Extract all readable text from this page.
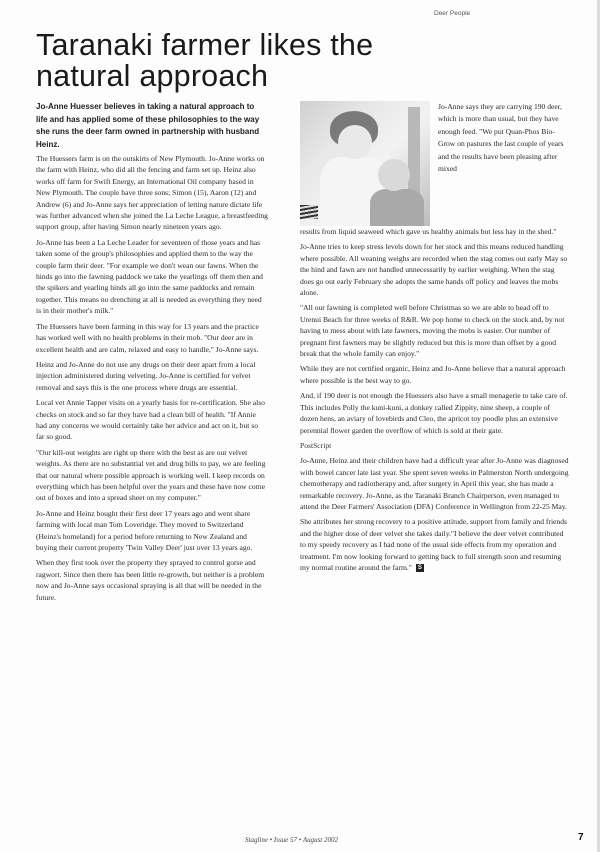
Deer People
Taranaki farmer likes the natural approach

Jo-Anne Huesser believes in taking a natural approach to life and has applied some of these philosophies to the way she runs the deer farm owned in partnership with husband Heinz.

The Huessers farm is on the outskirts of New Plymouth. Jo-Anne works on the farm with Heinz, who did all the fencing and farm set up. Heinz also works off farm for Swift Energy, an International Oil company based in New Plymouth. The couple have three sons; Simon (15), Aaron (12) and Andrew (6) and Jo-Anne says her appreciation of letting nature dictate life was further advanced when she joined the La Leche League, a breastfeeding support group, after having Simon nearly nineteen years ago.

Jo-Anne has been a La Leche Leader for seventeen of those years and has taken some of the group's philosophies and applied them to the way the couple farm their deer. "For example we don't wean our fawns. When the hinds go into the fawning paddock we take the yearlings off them then and the spikers and yearling hinds all go into the same paddocks and remain together. This means no drenching at all is needed as everything they need is in their mother's milk."

The Huessers have been farming in this way for 13 years and the practice has worked well with no health problems in their mob. "Our deer are in excellent health and are calm, relaxed and easy to handle," Jo-Anne says.

Heinz and Jo-Anne do not use any drugs on their deer apart from a local injection administered during velveting. Jo-Anne is certified for velvet removal and says this is the one process where drugs are essential.

Local vet Annie Tapper visits on a yearly basis for re-certification. She also checks on stock and so far they have had a clean bill of health. "If Annie had any concerns we would certainly take her advice and act on it, but so far so good.

"Our kill-out weights are right up there with the best as are our velvet weights. As there are no substantial vet and drug bills to pay, we are feeling that our natural where possible approach is working well. I keep records on everything which has been helpful over the years and these have now come out of boxes and into a spread sheet on my computer."

Jo-Anne and Heinz bought their first deer 17 years ago and went share farming with local man Tom Loveridge. They moved to Switzerland (Heinz's homeland) for a period before returning to New Zealand and buying their current property 'Twin Valley Deer' just over 13 years ago.

When they first took over the property they sprayed to control gorse and ragwort. Since then there has been little re-growth, but neither is a problem now and Jo-Anne says occasional spraying is all that will be needed in the future.

Jo-Anne says they are carrying 190 deer, which is more than usual, but they have enough feed. "We put Quan-Phos Bio-Grow on pastures the last couple of years and the results have been pleasing after mixed

results from liquid seaweed which gave us healthy animals but less hay in the shed."

Jo-Anne tries to keep stress levels down for her stock and this means reduced handling where possible. All weaning weighs are recorded when the stag comes out early May so the hind and fawn are not handled unnecessarily by earlier weighing. When the stag does go out early February she adopts the same hands off policy and leaves the mobs alone.

"All our fawning is completed well before Christmas so we are able to head off to Urenui Beach for three weeks of R&R. We pop home to check on the stock and, by not having to mess about with late fawners, moving the mobs is easier. Our number of pregnant first fawners may be slightly reduced but this is more than offset by a good break that the whole family can enjoy."

While they are not certified organic, Heinz and Jo-Anne believe that a natural approach where possible is the best way to go.

And, if 190 deer is not enough the Huessers also have a small menagerie to take care of. This includes Polly the kuni-kuni, a donkey called Zippity, nine sheep, a couple of dozen hens, an aviary of lovebirds and Cleo, the apricot toy poodle plus an extensive perennial flower garden the overflow of which is sold at their gate.

PostScript

Jo-Anne, Heinz and their children have had a difficult year after Jo-Anne was diagnosed with bowel cancer late last year. She spent seven weeks in Palmerston North undergoing chemotherapy and radiotherapy and, after surgery in April this year, she has made a remarkable recovery. Jo-Anne, as the Taranaki Branch Chairperson, even managed to attend the Deer Farmers' Association (DFA) Conference in Wellington from 22-25 May.

She attributes her strong recovery to a positive attitude, support from family and friends and the higher dose of deer velvet she takes daily."I believe the deer velvet contributed to my speedy recovery as I had none of the usual side effects from my operation and treatment. I'm now looking forward to getting back to full strength soon and resuming my normal routine around the farm." S

Stagline • Issue 57 • August 2002	7
